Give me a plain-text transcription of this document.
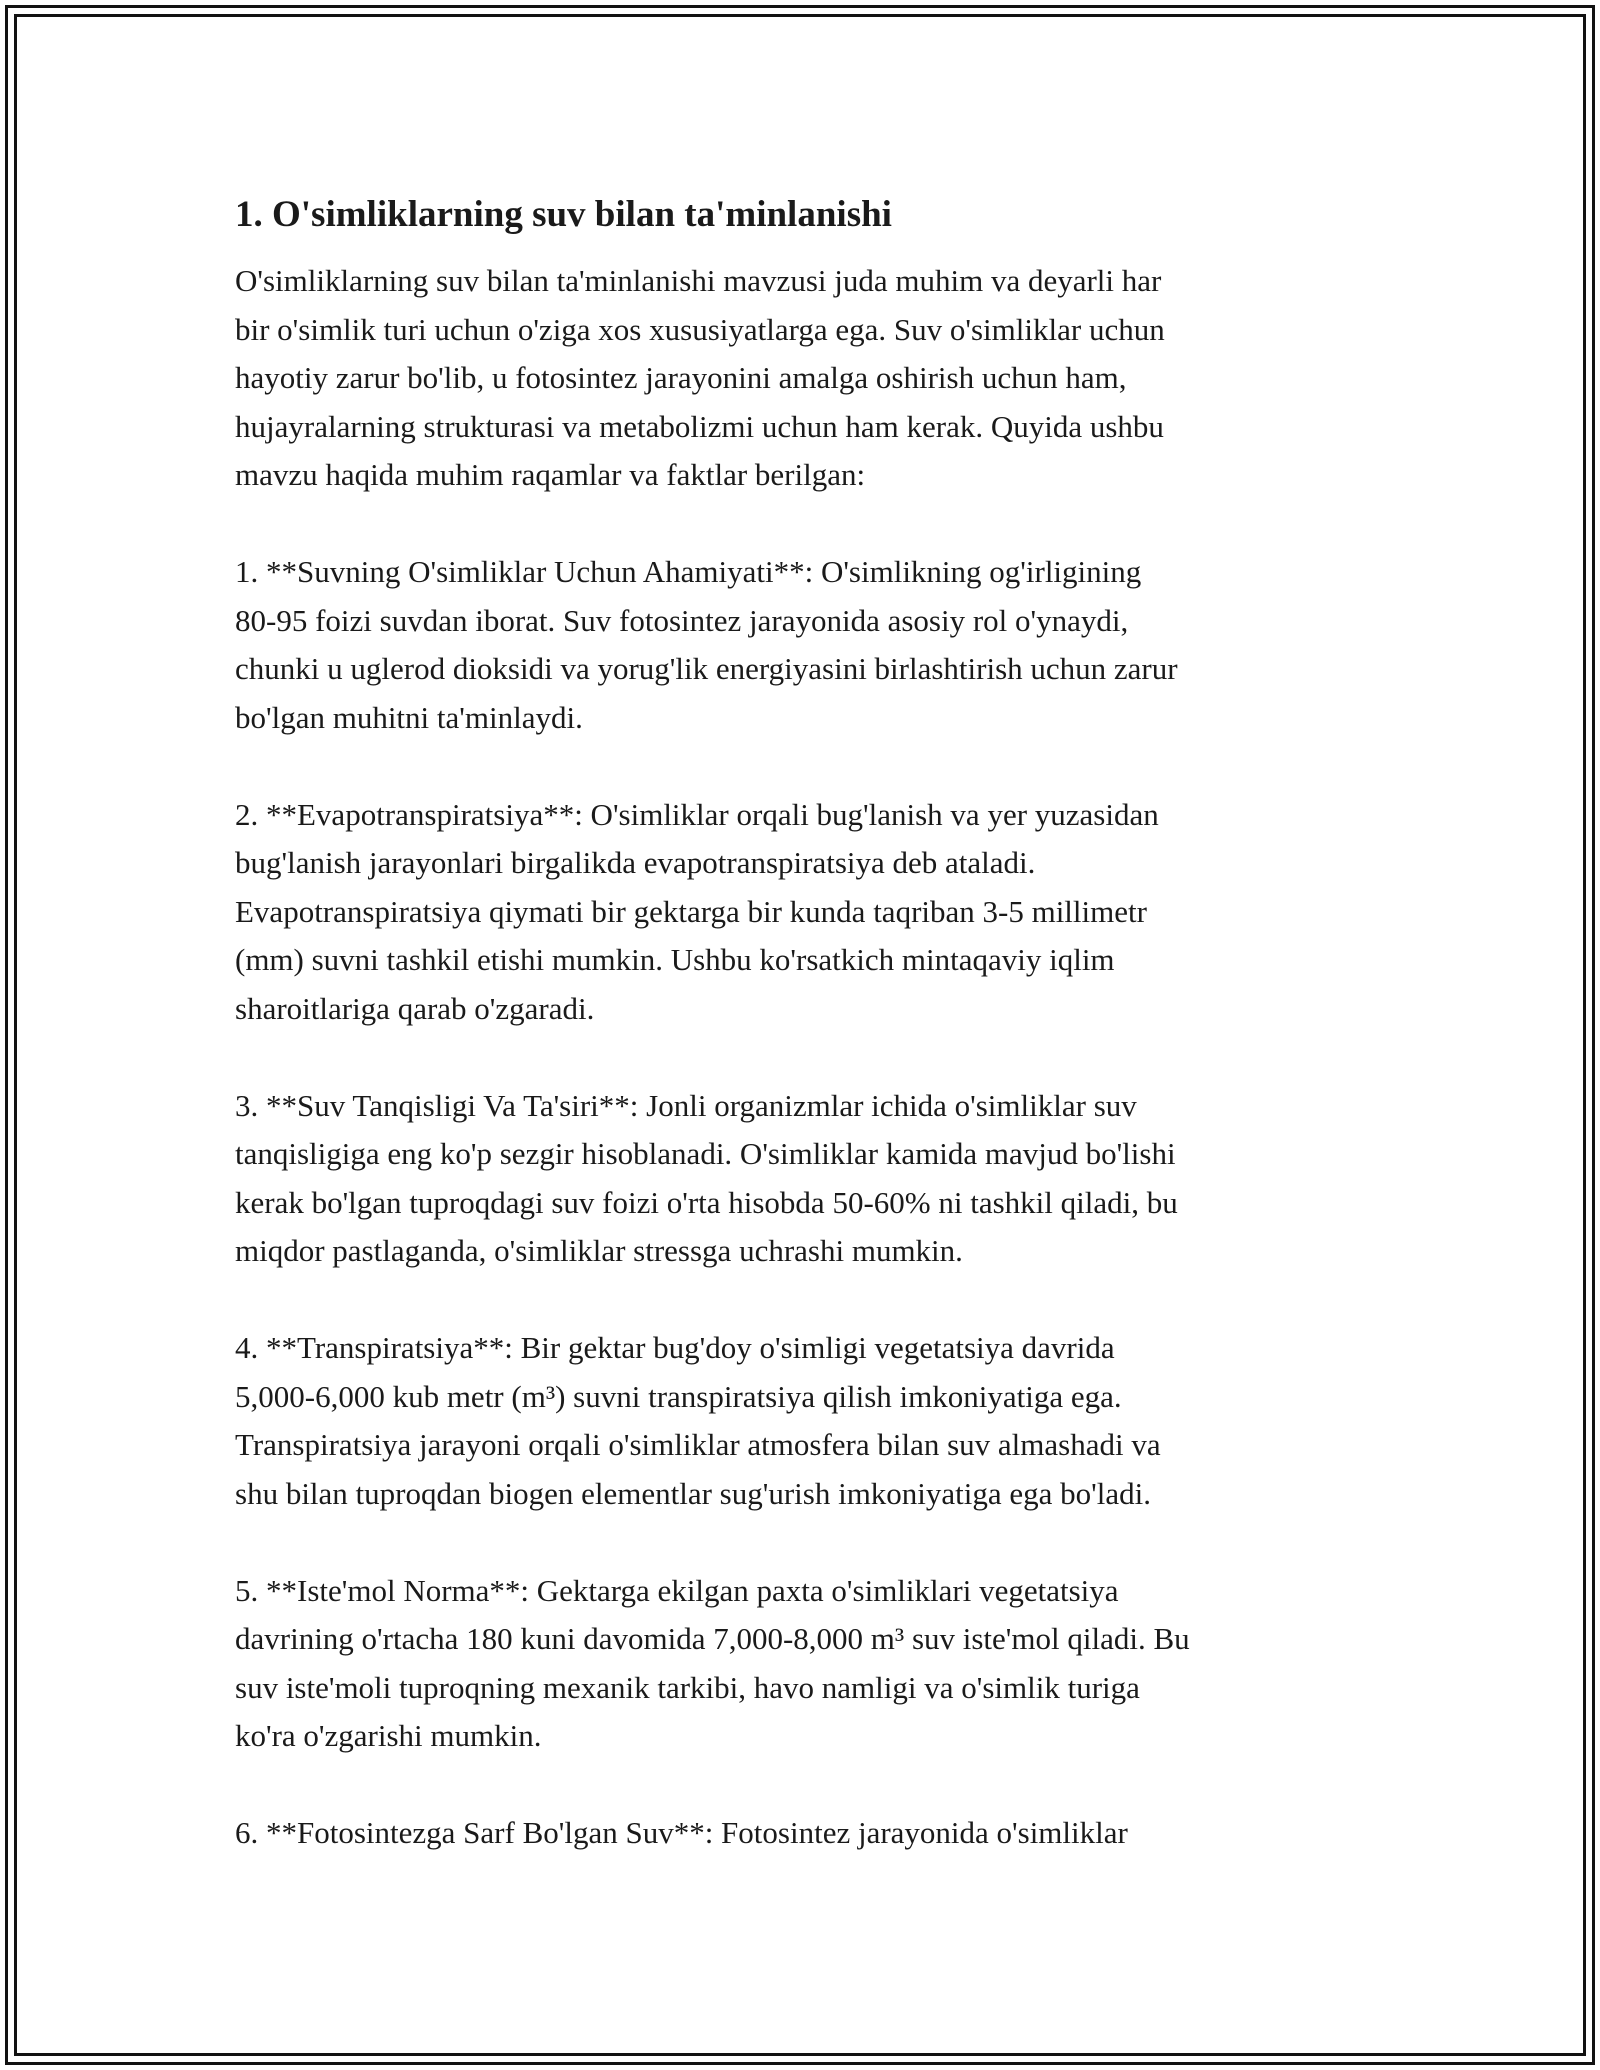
1. O'simliklarning suv bilan ta'minlanishi

O'simliklarning suv bilan ta'minlanishi mavzusi juda muhim va deyarli har
bir o'simlik turi uchun o'ziga xos xususiyatlarga ega. Suv o'simliklar uchun
hayotiy zarur bo'lib, u fotosintez jarayonini amalga oshirish uchun ham,
hujayralarning strukturasi va metabolizmi uchun ham kerak. Quyida ushbu
mavzu haqida muhim raqamlar va faktlar berilgan:

1. **Suvning O'simliklar Uchun Ahamiyati**: O'simlikning og'irligining
80-95 foizi suvdan iborat. Suv fotosintez jarayonida asosiy rol o'ynaydi,
chunki u uglerod dioksidi va yorug'lik energiyasini birlashtirish uchun zarur
bo'lgan muhitni ta'minlaydi.

2. **Evapotranspiratsiya**: O'simliklar orqali bug'lanish va yer yuzasidan
bug'lanish jarayonlari birgalikda evapotranspiratsiya deb ataladi.
Evapotranspiratsiya qiymati bir gektarga bir kunda taqriban 3-5 millimetr
(mm) suvni tashkil etishi mumkin. Ushbu ko'rsatkich mintaqaviy iqlim
sharoitlariga qarab o'zgaradi.

3. **Suv Tanqisligi Va Ta'siri**: Jonli organizmlar ichida o'simliklar suv
tanqisligiga eng ko'p sezgir hisoblanadi. O'simliklar kamida mavjud bo'lishi
kerak bo'lgan tuproqdagi suv foizi o'rta hisobda 50-60% ni tashkil qiladi, bu
miqdor pastlaganda, o'simliklar stressga uchrashi mumkin.

4. **Transpiratsiya**: Bir gektar bug'doy o'simligi vegetatsiya davrida
5,000-6,000 kub metr (m³) suvni transpiratsiya qilish imkoniyatiga ega.
Transpiratsiya jarayoni orqali o'simliklar atmosfera bilan suv almashadi va
shu bilan tuproqdan biogen elementlar sug'urish imkoniyatiga ega bo'ladi.

5. **Iste'mol Norma**: Gektarga ekilgan paxta o'simliklari vegetatsiya
davrining o'rtacha 180 kuni davomida 7,000-8,000 m³ suv iste'mol qiladi. Bu
suv iste'moli tuproqning mexanik tarkibi, havo namligi va o'simlik turiga
ko'ra o'zgarishi mumkin.

6. **Fotosintezga Sarf Bo'lgan Suv**: Fotosintez jarayonida o'simliklar
